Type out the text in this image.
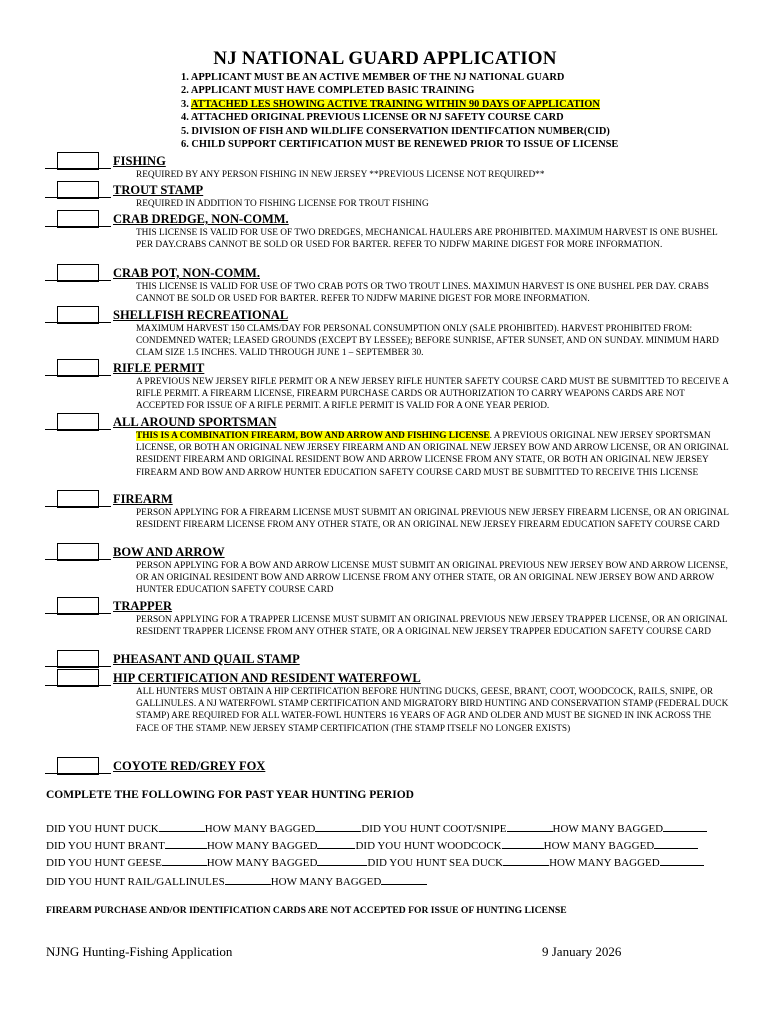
NJ NATIONAL GUARD APPLICATION
1. APPLICANT MUST BE AN ACTIVE MEMBER OF THE NJ NATIONAL GUARD
2. APPLICANT MUST HAVE COMPLETED BASIC TRAINING
3. ATTACHED LES SHOWING ACTIVE TRAINING WITHIN 90 DAYS OF APPLICATION
4. ATTACHED ORIGINAL PREVIOUS LICENSE OR NJ SAFETY COURSE CARD
5. DIVISION OF FISH AND WILDLIFE CONSERVATION IDENTIFCATION NUMBER(CID)
6. CHILD SUPPORT CERTIFICATION MUST BE RENEWED PRIOR TO ISSUE OF LICENSE
FISHING
REQUIRED BY ANY PERSON FISHING IN NEW JERSEY **PREVIOUS LICENSE NOT REQUIRED**
TROUT STAMP
REQUIRED IN ADDITION TO FISHING LICENSE FOR TROUT FISHING
CRAB DREDGE, NON-COMM.
THIS LICENSE IS VALID FOR USE OF TWO DREDGES, MECHANICAL HAULERS ARE PROHIBITED. MAXIMUM HARVEST IS ONE BUSHEL PER DAY.CRABS CANNOT BE SOLD OR USED FOR BARTER. REFER TO NJDFW MARINE DIGEST FOR MORE INFORMATION.
CRAB POT, NON-COMM.
THIS LICENSE IS VALID FOR USE OF TWO CRAB POTS OR TWO TROUT LINES. MAXIMUN HARVEST IS ONE BUSHEL PER DAY. CRABS CANNOT BE SOLD OR USED FOR BARTER. REFER TO NJDFW MARINE DIGEST FOR MORE INFORMATION.
SHELLFISH RECREATIONAL
MAXIMUM HARVEST 150 CLAMS/DAY FOR PERSONAL CONSUMPTION ONLY (SALE PROHIBITED). HARVEST PROHIBITED FROM: CONDEMNED WATER; LEASED GROUNDS (EXCEPT BY LESSEE); BEFORE SUNRISE, AFTER SUNSET, AND ON SUNDAY. MINIMUM HARD CLAM SIZE 1.5 INCHES. VALID THROUGH JUNE 1 – SEPTEMBER 30.
RIFLE PERMIT
A PREVIOUS NEW JERSEY RIFLE PERMIT OR A NEW JERSEY RIFLE HUNTER SAFETY COURSE CARD MUST BE SUBMITTED TO RECEIVE A RIFLE PERMIT. A FIREARM LICENSE, FIREARM PURCHASE CARDS OR AUTHORIZATION TO CARRY WEAPONS CARDS ARE NOT ACCEPTED FOR ISSUE OF A RIFLE PERMIT. A RIFLE PERMIT IS VALID FOR A ONE YEAR PERIOD.
ALL AROUND SPORTSMAN
THIS IS A COMBINATION FIREARM, BOW AND ARROW AND FISHING LICENSE. A PREVIOUS ORIGINAL NEW JERSEY SPORTSMAN LICENSE, OR BOTH AN ORIGINAL NEW JERSEY FIREARM AND AN ORIGINAL NEW JERSEY BOW AND ARROW LICENSE, OR AN ORIGINAL RESIDENT FIREARM AND ORIGINAL RESIDENT BOW AND ARROW LICENSE FROM ANY STATE, OR BOTH AN ORIGINAL NEW JERSEY FIREARM AND BOW AND ARROW HUNTER EDUCATION SAFETY COURSE CARD MUST BE SUBMITTED TO RECEIVE THIS LICENSE
FIREARM
PERSON APPLYING FOR A FIREARM LICENSE MUST SUBMIT AN ORIGINAL PREVIOUS NEW JERSEY FIREARM LICENSE, OR AN ORIGINAL RESIDENT FIREARM LICENSE FROM ANY OTHER STATE, OR AN ORIGINAL NEW JERSEY FIREARM EDUCATION SAFETY COURSE CARD
BOW AND ARROW
PERSON APPLYING FOR A BOW AND ARROW LICENSE MUST SUBMIT AN ORIGINAL PREVIOUS NEW JERSEY BOW AND ARROW LICENSE, OR AN ORIGINAL RESIDENT BOW AND ARROW LICENSE FROM ANY OTHER STATE, OR AN ORIGINAL NEW JERSEY BOW AND ARROW HUNTER EDUCATION SAFETY COURSE CARD
TRAPPER
PERSON APPLYING FOR A TRAPPER LICENSE MUST SUBMIT AN ORIGINAL PREVIOUS NEW JERSEY TRAPPER LICENSE, OR AN ORIGINAL RESIDENT TRAPPER LICENSE FROM ANY OTHER STATE, OR A ORIGINAL NEW JERSEY TRAPPER EDUCATION SAFETY COURSE CARD
PHEASANT AND QUAIL STAMP
HIP CERTIFICATION AND RESIDENT WATERFOWL
ALL HUNTERS MUST OBTAIN A HIP CERTIFICATION BEFORE HUNTING DUCKS, GEESE, BRANT, COOT, WOODCOCK, RAILS, SNIPE, OR GALLINULES. A NJ WATERFOWL STAMP CERTIFICATION AND MIGRATORY BIRD HUNTING AND CONSERVATION STAMP (FEDERAL DUCK STAMP) ARE REQUIRED FOR ALL WATER-FOWL HUNTERS 16 YEARS OF AGR AND OLDER AND MUST BE SIGNED IN INK ACROSS THE FACE OF THE STAMP. NEW JERSEY STAMP CERTIFICATION (THE STAMP ITSELF NO LONGER EXISTS)
COYOTE RED/GREY FOX
COMPLETE THE FOLLOWING FOR PAST YEAR HUNTING PERIOD
DID YOU HUNT DUCK	HOW MANY BAGGED	DID YOU HUNT COOT/SNIPE	HOW MANY BAGGED
DID YOU HUNT BRANT	HOW MANY BAGGED	DID YOU HUNT WOODCOCK	HOW MANY BAGGED
DID YOU HUNT GEESE	HOW MANY BAGGED	DID YOU HUNT SEA DUCK	HOW MANY BAGGED
DID YOU HUNT RAIL/GALLINULES	HOW MANY BAGGED
FIREARM PURCHASE AND/OR IDENTIFICATION CARDS ARE NOT ACCEPTED FOR ISSUE OF HUNTING LICENSE
NJNG Hunting-Fishing Application	9 January 2026
